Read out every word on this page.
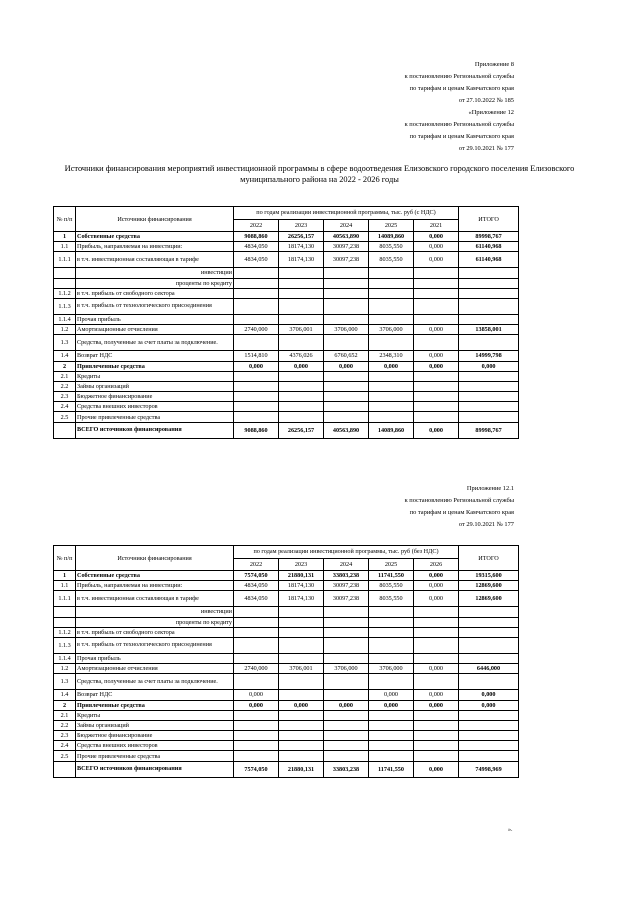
Приложение 8
к постановлению Региональной службы
по тарифам и ценам Камчатского края
от 27.10.2022 № 185
«Приложение 12
к постановлению Региональной службы
по тарифам и ценам Камчатского края
от 29.10.2021 № 177
Источники финансирования мероприятий инвестиционной программы в сфере водоотведения Елизовского городского поселения Елизовского муниципального района на 2022 - 2026 годы
№ п/п	Источники финансирования	по годам реализации инвестиционной программы, тыс. руб (с НДС)					ИТОГО
		2022	2023	2024	2025	2021	
1	Собственные средства	9088,860	26256,157	40563,890	14089,860	0,000	89998,767
1.1	Прибыль, направляемая на инвестиции:	4834,050	18174,130	30097,238	8035,550	0,000	61140,968
1.1.1	в т.ч. инвестиционная составляющая в тарифе	4834,050	18174,130	30097,238	8035,550	0,000	61140,968
	инвестиции						
	проценты по кредиту						
1.1.2	в т.ч. прибыль от свободного сектора						
1.1.3	в т.ч. прибыль от технологического присоединения						
1.1.4	Прочая прибыль						
1.2	Амортизационные отчисления	2740,000	3706,001	3706,000	3706,000	0,000	13858,001
1.3	Средства, полученные за счет платы за подключение.						
1.4	Возврат НДС	1514,810	4376,026	6760,652	2348,310	0,000	14999,798
2	Привлеченные средства	0,000	0,000	0,000	0,000	0,000	0,000
2.1	Кредиты						
2.2	Займы организаций						
2.3	Бюджетное финансирование						
2.4	Средства внешних инвесторов						
2.5	Прочие привлеченные средства						
	ВСЕГО источников финансирования	9088,860	26256,157	40563,890	14089,860	0,000	89998,767
Приложение 12.1
к постановлению Региональной службы
по тарифам и ценам Камчатского края
от 29.10.2021 № 177
№ п/п	Источники финансирования	по годам реализации инвестиционной программы, тыс. руб (без НДС)					ИТОГО
		2022	2023	2024	2025	2026	
1	Собственные средства	7574,050	21880,131	33803,238	11741,550	0,000	19315,600
1.1	Прибыль, направляемая на инвестиции:	4834,050	18174,130	30097,238	8035,550	0,000	12869,600
1.1.1	в т.ч. инвестиционная составляющая в тарифе	4834,050	18174,130	30097,238	8035,550	0,000	12869,600
	инвестиции						
	проценты по кредиту						
1.1.2	в т.ч. прибыль от свободного сектора						
1.1.3	в т.ч. прибыль от технологического присоединения						
1.1.4	Прочая прибыль						
1.2	Амортизационные отчисления	2740,000	3706,001	3706,000	3706,000	0,000	6446,000
1.3	Средства, полученные за счет платы за подключение.						
1.4	Возврат НДС	0,000			0,000	0,000	0,000
2	Привлеченные средства	0,000	0,000	0,000	0,000	0,000	0,000
2.1	Кредиты						
2.2	Займы организаций						
2.3	Бюджетное финансирование						
2.4	Средства внешних инвесторов						
2.5	Прочие привлеченные средства						
	ВСЕГО источников финансирования	7574,050	21880,131	33803,238	11741,550	0,000	74998,969
».
